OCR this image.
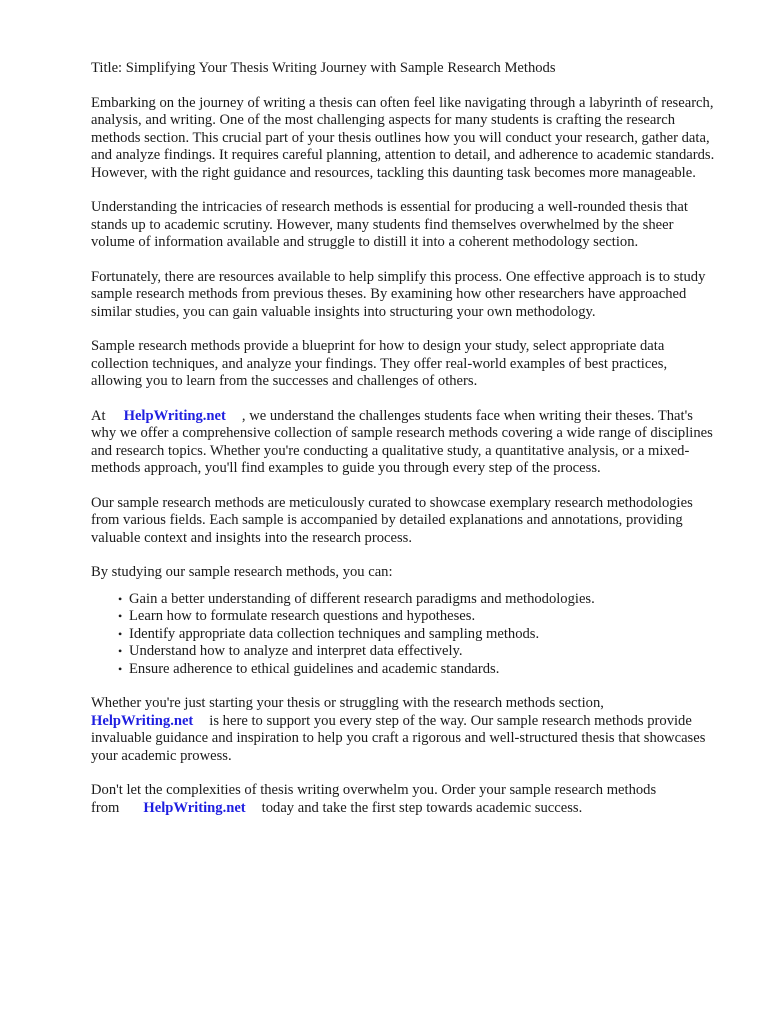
Title: Simplifying Your Thesis Writing Journey with Sample Research Methods

Embarking on the journey of writing a thesis can often feel like navigating through a labyrinth of research, analysis, and writing. One of the most challenging aspects for many students is crafting the research methods section. This crucial part of your thesis outlines how you will conduct your research, gather data, and analyze findings. It requires careful planning, attention to detail, and adherence to academic standards. However, with the right guidance and resources, tackling this daunting task becomes more manageable.

Understanding the intricacies of research methods is essential for producing a well-rounded thesis that stands up to academic scrutiny. However, many students find themselves overwhelmed by the sheer volume of information available and struggle to distill it into a coherent methodology section.

Fortunately, there are resources available to help simplify this process. One effective approach is to study sample research methods from previous theses. By examining how other researchers have approached similar studies, you can gain valuable insights into structuring your own methodology.

Sample research methods provide a blueprint for how to design your study, select appropriate data collection techniques, and analyze your findings. They offer real-world examples of best practices, allowing you to learn from the successes and challenges of others.

At HelpWriting.net , we understand the challenges students face when writing their theses. That's why we offer a comprehensive collection of sample research methods covering a wide range of disciplines and research topics. Whether you're conducting a qualitative study, a quantitative analysis, or a mixed-methods approach, you'll find examples to guide you through every step of the process.

Our sample research methods are meticulously curated to showcase exemplary research methodologies from various fields. Each sample is accompanied by detailed explanations and annotations, providing valuable context and insights into the research process.

By studying our sample research methods, you can:

• Gain a better understanding of different research paradigms and methodologies.
• Learn how to formulate research questions and hypotheses.
• Identify appropriate data collection techniques and sampling methods.
• Understand how to analyze and interpret data effectively.
• Ensure adherence to ethical guidelines and academic standards.

Whether you're just starting your thesis or struggling with the research methods section,
HelpWriting.net is here to support you every step of the way. Our sample research methods provide invaluable guidance and inspiration to help you craft a rigorous and well-structured thesis that showcases your academic prowess.

Don't let the complexities of thesis writing overwhelm you. Order your sample research methods from HelpWriting.net today and take the first step towards academic success.
